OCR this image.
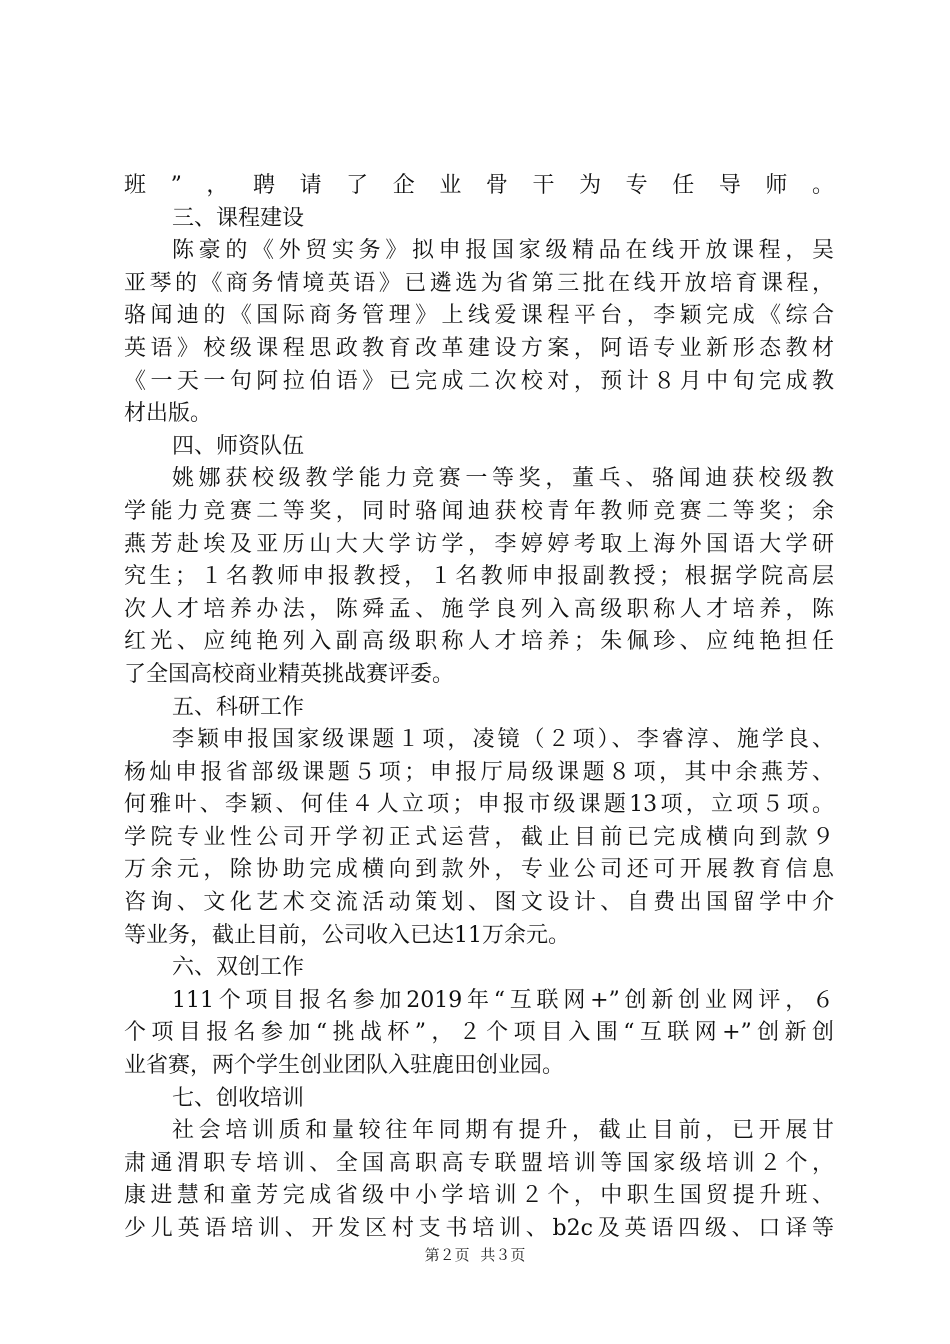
班”，聘请了企业骨干为专任导师。
三、课程建设
陈豪的《外贸实务》拟申报国家级精品在线开放课程，吴
亚琴的《商务情境英语》已遴选为省第三批在线开放培育课程，
骆闻迪的《国际商务管理》上线爱课程平台，李颖完成《综合
英语》校级课程思政教育改革建设方案，阿语专业新形态教材
《一天一句阿拉伯语》已完成二次校对，预计８月中旬完成教
材出版。
四、师资队伍
姚娜获校级教学能力竞赛一等奖，董乓、骆闻迪获校级教
学能力竞赛二等奖，同时骆闻迪获校青年教师竞赛二等奖；余
燕芳赴埃及亚历山大大学访学，李婷婷考取上海外国语大学研
究生；１名教师申报教授，１名教师申报副教授；根据学院高层
次人才培养办法，陈舜孟、施学良列入高级职称人才培养，陈
红光、应纯艳列入副高级职称人才培养；朱佩珍、应纯艳担任
了全国高校商业精英挑战赛评委。
五、科研工作
李颖申报国家级课题１项，凌镜（２项）、李睿淳、施学良、
杨灿申报省部级课题５项；申报厅局级课题８项，其中余燕芳、
何雅叶、李颖、何佳４人立项；申报市级课题13项，立项５项。
学院专业性公司开学初正式运营，截止目前已完成横向到款９
万余元，除协助完成横向到款外，专业公司还可开展教育信息
咨询、文化艺术交流活动策划、图文设计、自费出国留学中介
等业务，截止目前，公司收入已达11万余元。
六、双创工作
111个项目报名参加2019年“互联网+”创新创业网评，６
个项目报名参加“挑战杯”，２个项目入围“互联网+”创新创
业省赛，两个学生创业团队入驻鹿田创业园。
七、创收培训
社会培训质和量较往年同期有提升，截止目前，已开展甘
肃通渭职专培训、全国高职高专联盟培训等国家级培训２个，
康进慧和童芳完成省级中小学培训２个，中职生国贸提升班、
少儿英语培训、开发区村支书培训、b2c及英语四级、口译等
第２页 共３页
